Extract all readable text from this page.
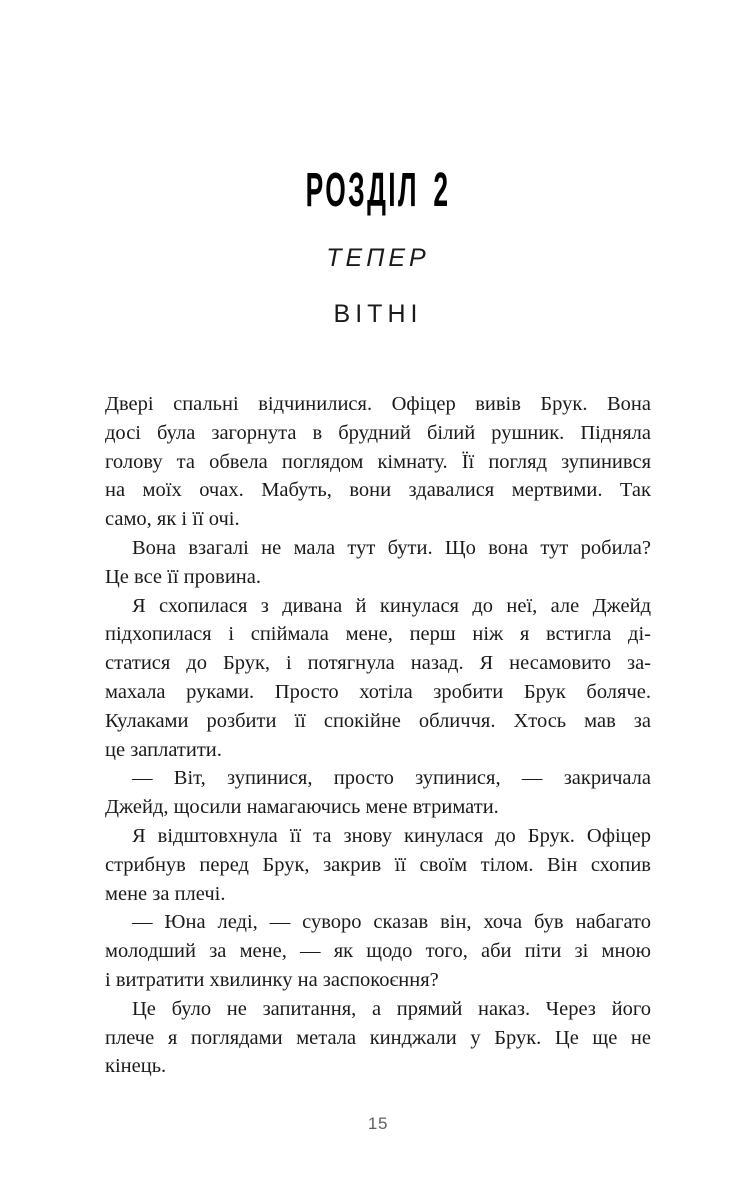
РОЗДІЛ 2
ТЕПЕР
ВІТНІ
Двері спальні відчинилися. Офіцер вивів Брук. Вона
досі була загорнута в брудний білий рушник. Підняла
голову та обвела поглядом кімнату. Її погляд зупинився
на моїх очах. Мабуть, вони здавалися мертвими. Так
само, як і її очі.
Вона взагалі не мала тут бути. Що вона тут робила?
Це все її провина.
Я схопилася з дивана й кинулася до неї, але Джейд
підхопилася і спіймала мене, перш ніж я встигла ді-
статися до Брук, і потягнула назад. Я несамовито за-
махала руками. Просто хотіла зробити Брук боляче.
Кулаками розбити її спокійне обличчя. Хтось мав за
це заплатити.
— Віт, зупинися, просто зупинися, — закричала
Джейд, щосили намагаючись мене втримати.
Я відштовхнула її та знову кинулася до Брук. Офіцер
стрибнув перед Брук, закрив її своїм тілом. Він схопив
мене за плечі.
— Юна леді, — суворо сказав він, хоча був набагато
молодший за мене, — як щодо того, аби піти зі мною
і витратити хвилинку на заспокоєння?
Це було не запитання, а прямий наказ. Через його
плече я поглядами метала кинджали у Брук. Це ще не
кінець.
15
